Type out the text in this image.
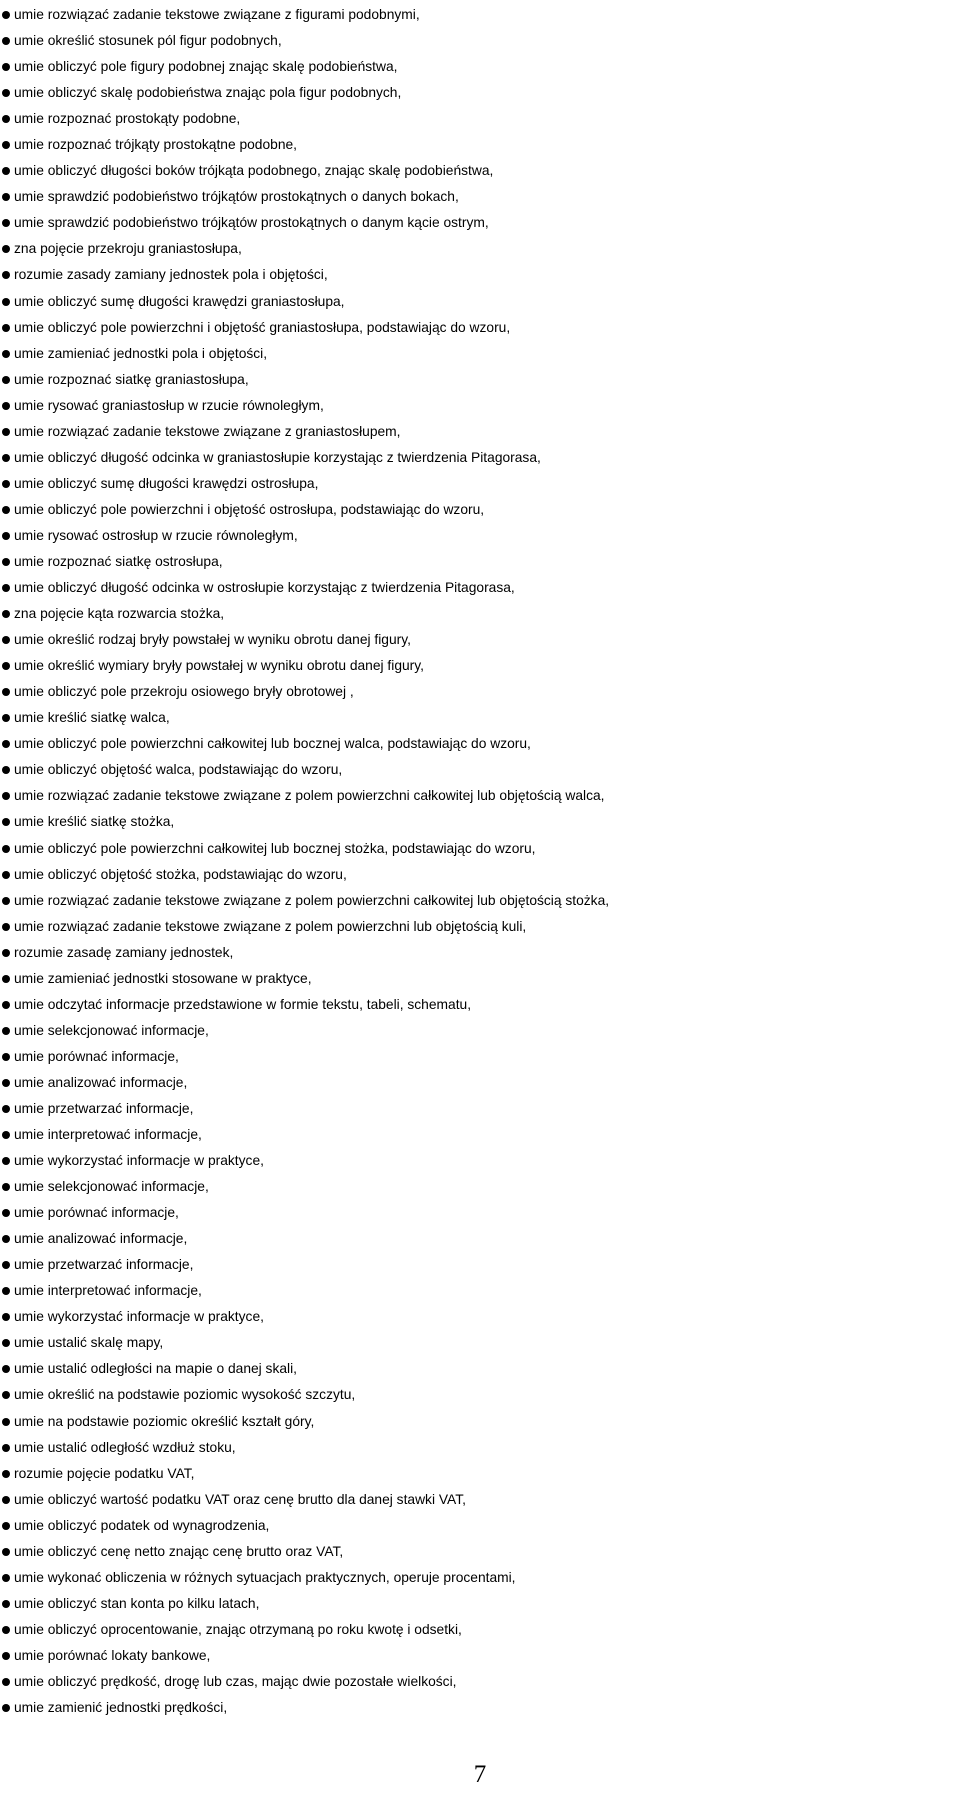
umie rozwiązać zadanie tekstowe związane z figurami podobnymi,
umie określić stosunek pól figur podobnych,
umie obliczyć pole figury podobnej znając skalę podobieństwa,
umie obliczyć skalę podobieństwa znając pola figur podobnych,
umie rozpoznać prostokąty podobne,
umie rozpoznać trójkąty prostokątne podobne,
umie obliczyć długości boków trójkąta podobnego, znając skalę podobieństwa,
umie sprawdzić podobieństwo trójkątów prostokątnych o danych bokach,
umie sprawdzić podobieństwo trójkątów prostokątnych o danym kącie ostrym,
zna pojęcie przekroju graniastosłupa,
rozumie zasady zamiany jednostek pola i objętości,
umie obliczyć sumę długości krawędzi graniastosłupa,
umie obliczyć pole powierzchni i objętość graniastosłupa, podstawiając do wzoru,
umie zamieniać jednostki pola i objętości,
umie rozpoznać siatkę graniastosłupa,
umie rysować graniastosłup w rzucie równoległym,
umie rozwiązać zadanie tekstowe związane z graniastosłupem,
umie obliczyć długość odcinka w graniastosłupie korzystając z twierdzenia Pitagorasa,
umie obliczyć sumę długości krawędzi ostrosłupa,
umie obliczyć pole powierzchni i objętość ostrosłupa, podstawiając do wzoru,
umie rysować ostrosłup w rzucie równoległym,
umie rozpoznać siatkę ostrosłupa,
umie obliczyć długość odcinka w ostrosłupie korzystając z twierdzenia Pitagorasa,
zna pojęcie kąta rozwarcia stożka,
umie określić rodzaj bryły powstałej w wyniku obrotu danej figury,
umie określić wymiary bryły powstałej w wyniku obrotu danej figury,
umie obliczyć pole przekroju osiowego bryły obrotowej ,
umie kreślić siatkę walca,
umie obliczyć pole powierzchni całkowitej lub bocznej walca, podstawiając do wzoru,
umie obliczyć objętość walca, podstawiając do wzoru,
umie rozwiązać zadanie tekstowe związane z polem powierzchni całkowitej lub objętością walca,
umie kreślić siatkę stożka,
umie obliczyć pole powierzchni całkowitej lub bocznej stożka, podstawiając do wzoru,
umie obliczyć objętość stożka, podstawiając do wzoru,
umie rozwiązać zadanie tekstowe związane z polem powierzchni całkowitej lub objętością stożka,
umie rozwiązać zadanie tekstowe związane z polem powierzchni lub objętością kuli,
rozumie zasadę zamiany jednostek,
umie zamieniać jednostki stosowane w praktyce,
umie odczytać informacje przedstawione w formie tekstu, tabeli, schematu,
umie selekcjonować informacje,
umie porównać informacje,
umie analizować informacje,
umie przetwarzać informacje,
umie interpretować informacje,
umie wykorzystać informacje w praktyce,
umie selekcjonować informacje,
umie porównać informacje,
umie analizować informacje,
umie przetwarzać informacje,
umie interpretować informacje,
umie wykorzystać informacje w praktyce,
umie ustalić skalę mapy,
umie ustalić odległości na mapie o danej skali,
umie określić na podstawie poziomic wysokość szczytu,
umie na podstawie poziomic określić kształt góry,
umie ustalić odległość wzdłuż stoku,
rozumie pojęcie podatku VAT,
umie obliczyć wartość podatku VAT oraz cenę brutto dla danej stawki VAT,
umie obliczyć podatek od wynagrodzenia,
umie obliczyć cenę netto znając cenę brutto oraz VAT,
umie wykonać obliczenia w różnych sytuacjach praktycznych, operuje procentami,
umie obliczyć stan konta po kilku latach,
umie obliczyć oprocentowanie, znając otrzymaną po roku kwotę i odsetki,
umie porównać lokaty bankowe,
umie obliczyć prędkość, drogę lub czas, mając dwie pozostałe wielkości,
umie zamienić jednostki prędkości,
7
